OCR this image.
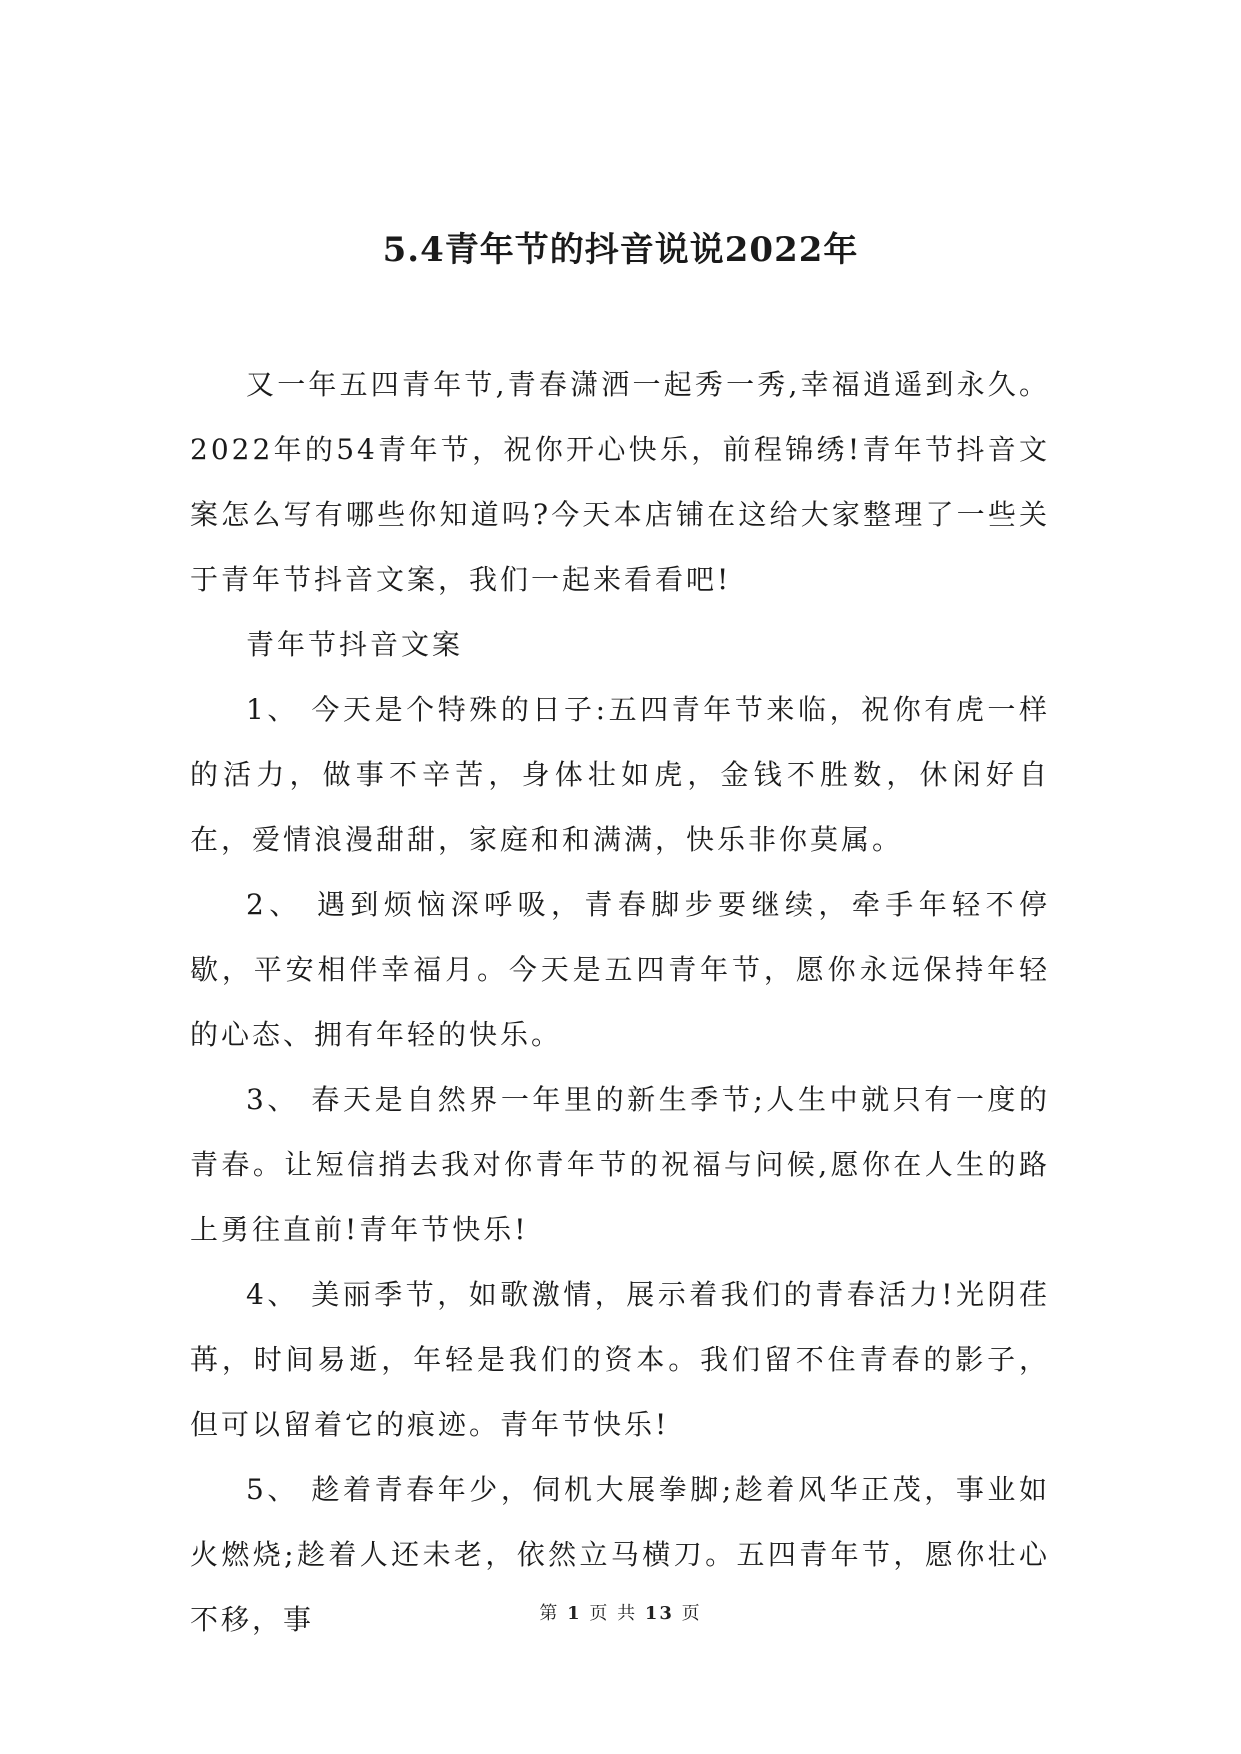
5.4青年节的抖音说说2022年

又一年五四青年节,青春潇洒一起秀一秀,幸福逍遥到永久。2022年的54青年节，祝你开心快乐，前程锦绣!青年节抖音文案怎么写有哪些你知道吗?今天本店铺在这给大家整理了一些关于青年节抖音文案，我们一起来看看吧!

青年节抖音文案

1、 今天是个特殊的日子:五四青年节来临，祝你有虎一样的活力，做事不辛苦，身体壮如虎，金钱不胜数，休闲好自在，爱情浪漫甜甜，家庭和和满满，快乐非你莫属。

2、 遇到烦恼深呼吸，青春脚步要继续，牵手年轻不停歇，平安相伴幸福月。今天是五四青年节，愿你永远保持年轻的心态、拥有年轻的快乐。

3、 春天是自然界一年里的新生季节;人生中就只有一度的青春。让短信捎去我对你青年节的祝福与问候,愿你在人生的路上勇往直前!青年节快乐!

4、 美丽季节，如歌激情，展示着我们的青春活力!光阴荏苒，时间易逝，年轻是我们的资本。我们留不住青春的影子，但可以留着它的痕迹。青年节快乐!

5、 趁着青春年少，伺机大展拳脚;趁着风华正茂，事业如火燃烧;趁着人还未老，依然立马横刀。五四青年节，愿你壮心 不移，事	第 1 页 共 13 页
